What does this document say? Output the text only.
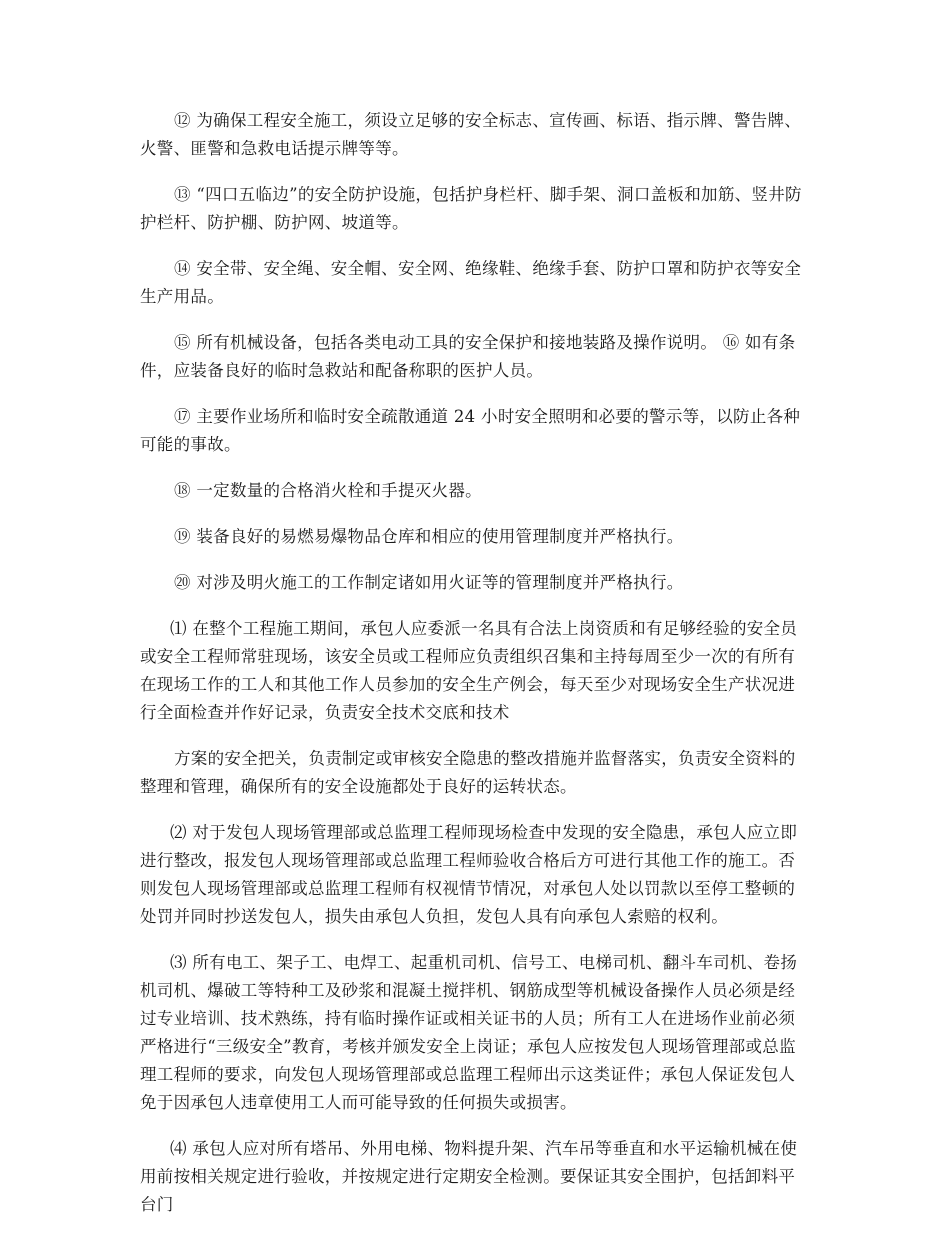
⑫ 为确保工程安全施工，须设立足够的安全标志、宣传画、标语、指示牌、警告牌、火警、匪警和急救电话提示牌等等。

⑬ “四口五临边”的安全防护设施，包括护身栏杆、脚手架、洞口盖板和加筋、竖井防护栏杆、防护棚、防护网、坡道等。

⑭ 安全带、安全绳、安全帽、安全网、绝缘鞋、绝缘手套、防护口罩和防护衣等安全生产用品。

⑮ 所有机械设备，包括各类电动工具的安全保护和接地装路及操作说明。 ⑯ 如有条件，应装备良好的临时急救站和配备称职的医护人员。

⑰ 主要作业场所和临时安全疏散通道 24 小时安全照明和必要的警示等，以防止各种可能的事故。

⑱ 一定数量的合格消火栓和手提灭火器。

⑲ 装备良好的易燃易爆物品仓库和相应的使用管理制度并严格执行。

⑳ 对涉及明火施工的工作制定诸如用火证等的管理制度并严格执行。

⑴ 在整个工程施工期间，承包人应委派一名具有合法上岗资质和有足够经验的安全员或安全工程师常驻现场，该安全员或工程师应负责组织召集和主持每周至少一次的有所有在现场工作的工人和其他工作人员参加的安全生产例会，每天至少对现场安全生产状况进行全面检查并作好记录，负责安全技术交底和技术

方案的安全把关，负责制定或审核安全隐患的整改措施并监督落实，负责安全资料的整理和管理，确保所有的安全设施都处于良好的运转状态。

⑵ 对于发包人现场管理部或总监理工程师现场检查中发现的安全隐患，承包人应立即进行整改，报发包人现场管理部或总监理工程师验收合格后方可进行其他工作的施工。否则发包人现场管理部或总监理工程师有权视情节情况，对承包人处以罚款以至停工整顿的处罚并同时抄送发包人，损失由承包人负担，发包人具有向承包人索赔的权利。

⑶ 所有电工、架子工、电焊工、起重机司机、信号工、电梯司机、翻斗车司机、卷扬机司机、爆破工等特种工及砂浆和混凝土搅拌机、钢筋成型等机械设备操作人员必须是经过专业培训、技术熟练，持有临时操作证或相关证书的人员；所有工人在进场作业前必须严格进行“三级安全”教育，考核并颁发安全上岗证；承包人应按发包人现场管理部或总监理工程师的要求，向发包人现场管理部或总监理工程师出示这类证件；承包人保证发包人免于因承包人违章使用工人而可能导致的任何损失或损害。

⑷ 承包人应对所有塔吊、外用电梯、物料提升架、汽车吊等垂直和水平运输机械在使用前按相关规定进行验收，并按规定进行定期安全检测。要保证其安全围护，包括卸料平台门
